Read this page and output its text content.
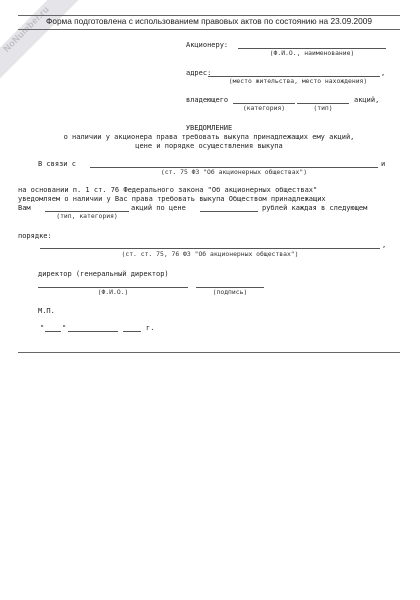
NoNumber.ru
Форма подготовлена с использованием правовых актов по состоянию на 23.09.2009
Акционеру:
(Ф.И.О., наименование)
адрес:	,
(место жительства, место нахождения)
владеющего	акций,
(категория)	(тип)
УВЕДОМЛЕНИЕ
о наличии у акционера права требовать выкупа принадлежащих ему акций,
цене и порядке осуществления выкупа
В связи с	и
(ст. 75 ФЗ "Об акционерных обществах")
на основании п. 1 ст. 76 Федерального закона "Об акционерных обществах"
уведомляем о наличии у Вас права требовать выкупа Обществом принадлежащих
Вам	акций по цене	рублей каждая в следующем
(тип, категория)
порядке:
,
(ст. ст. 75, 76 ФЗ "Об акционерных обществах")
директор (генеральный директор)
(Ф.И.О.)	(подпись)
М.П.
"	"	г.
